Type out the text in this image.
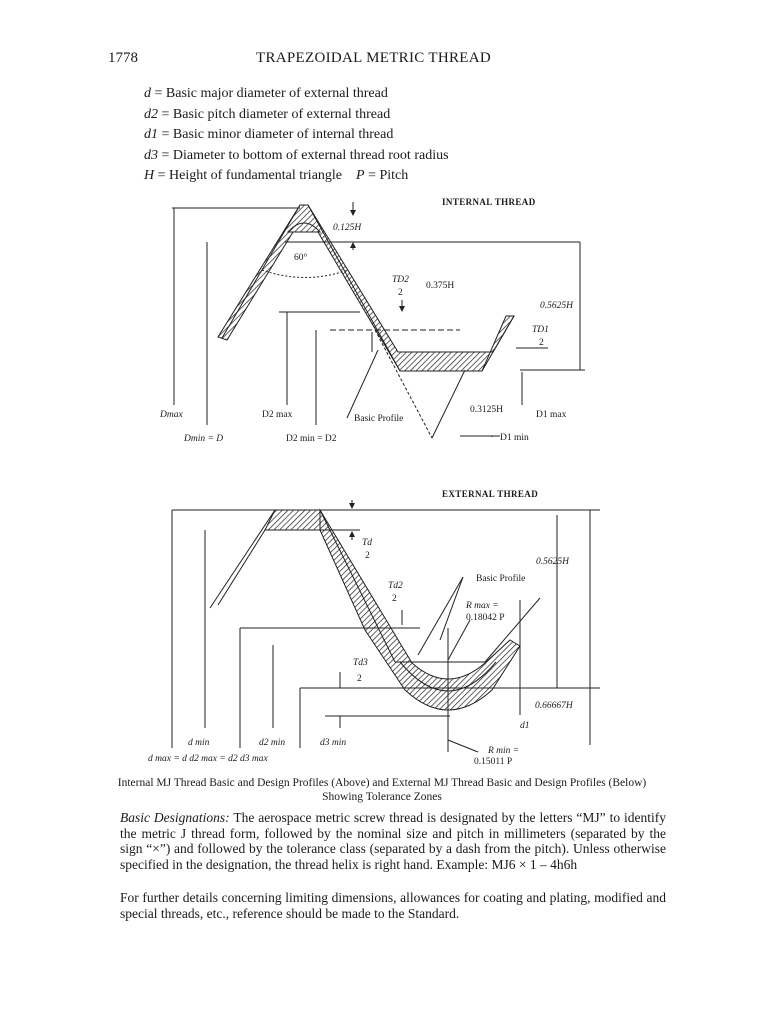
1778	TRAPEZOIDAL METRIC THREAD
d = Basic major diameter of external thread
d2 = Basic pitch diameter of external thread
d1 = Basic minor diameter of internal thread
d3 = Diameter to bottom of external thread root radius
H = Height of fundamental triangle P = Pitch
INTERNAL THREAD
0.125H
60°
TD2
2
0.375H
0.5625H
TD1
2
Basic Profile
0.3125H	D1 max
D1 min
Dmax
Dmin = D
D2 max
D2 min = D2
EXTERNAL THREAD
Td
2
0.5625H
Basic Profile
Td2
2
R max =
0.18042 P
Td3
2
0.66667H
d1
d min	d2 min	d3 min
d max = d d2 max = d2 d3 max
R min =
0.15011 P
Internal MJ Thread Basic and Design Profiles (Above) and External MJ Thread Basic and Design Profiles (Below) Showing Tolerance Zones
Basic Designations: The aerospace metric screw thread is designated by the letters “MJ” to identify the metric J thread form, followed by the nominal size and pitch in millimeters (separated by the sign “×”) and followed by the tolerance class (separated by a dash from the pitch). Unless otherwise specified in the designation, the thread helix is right hand. Example: MJ6 × 1 – 4h6h
For further details concerning limiting dimensions, allowances for coating and plating, modified and special threads, etc., reference should be made to the Standard.
